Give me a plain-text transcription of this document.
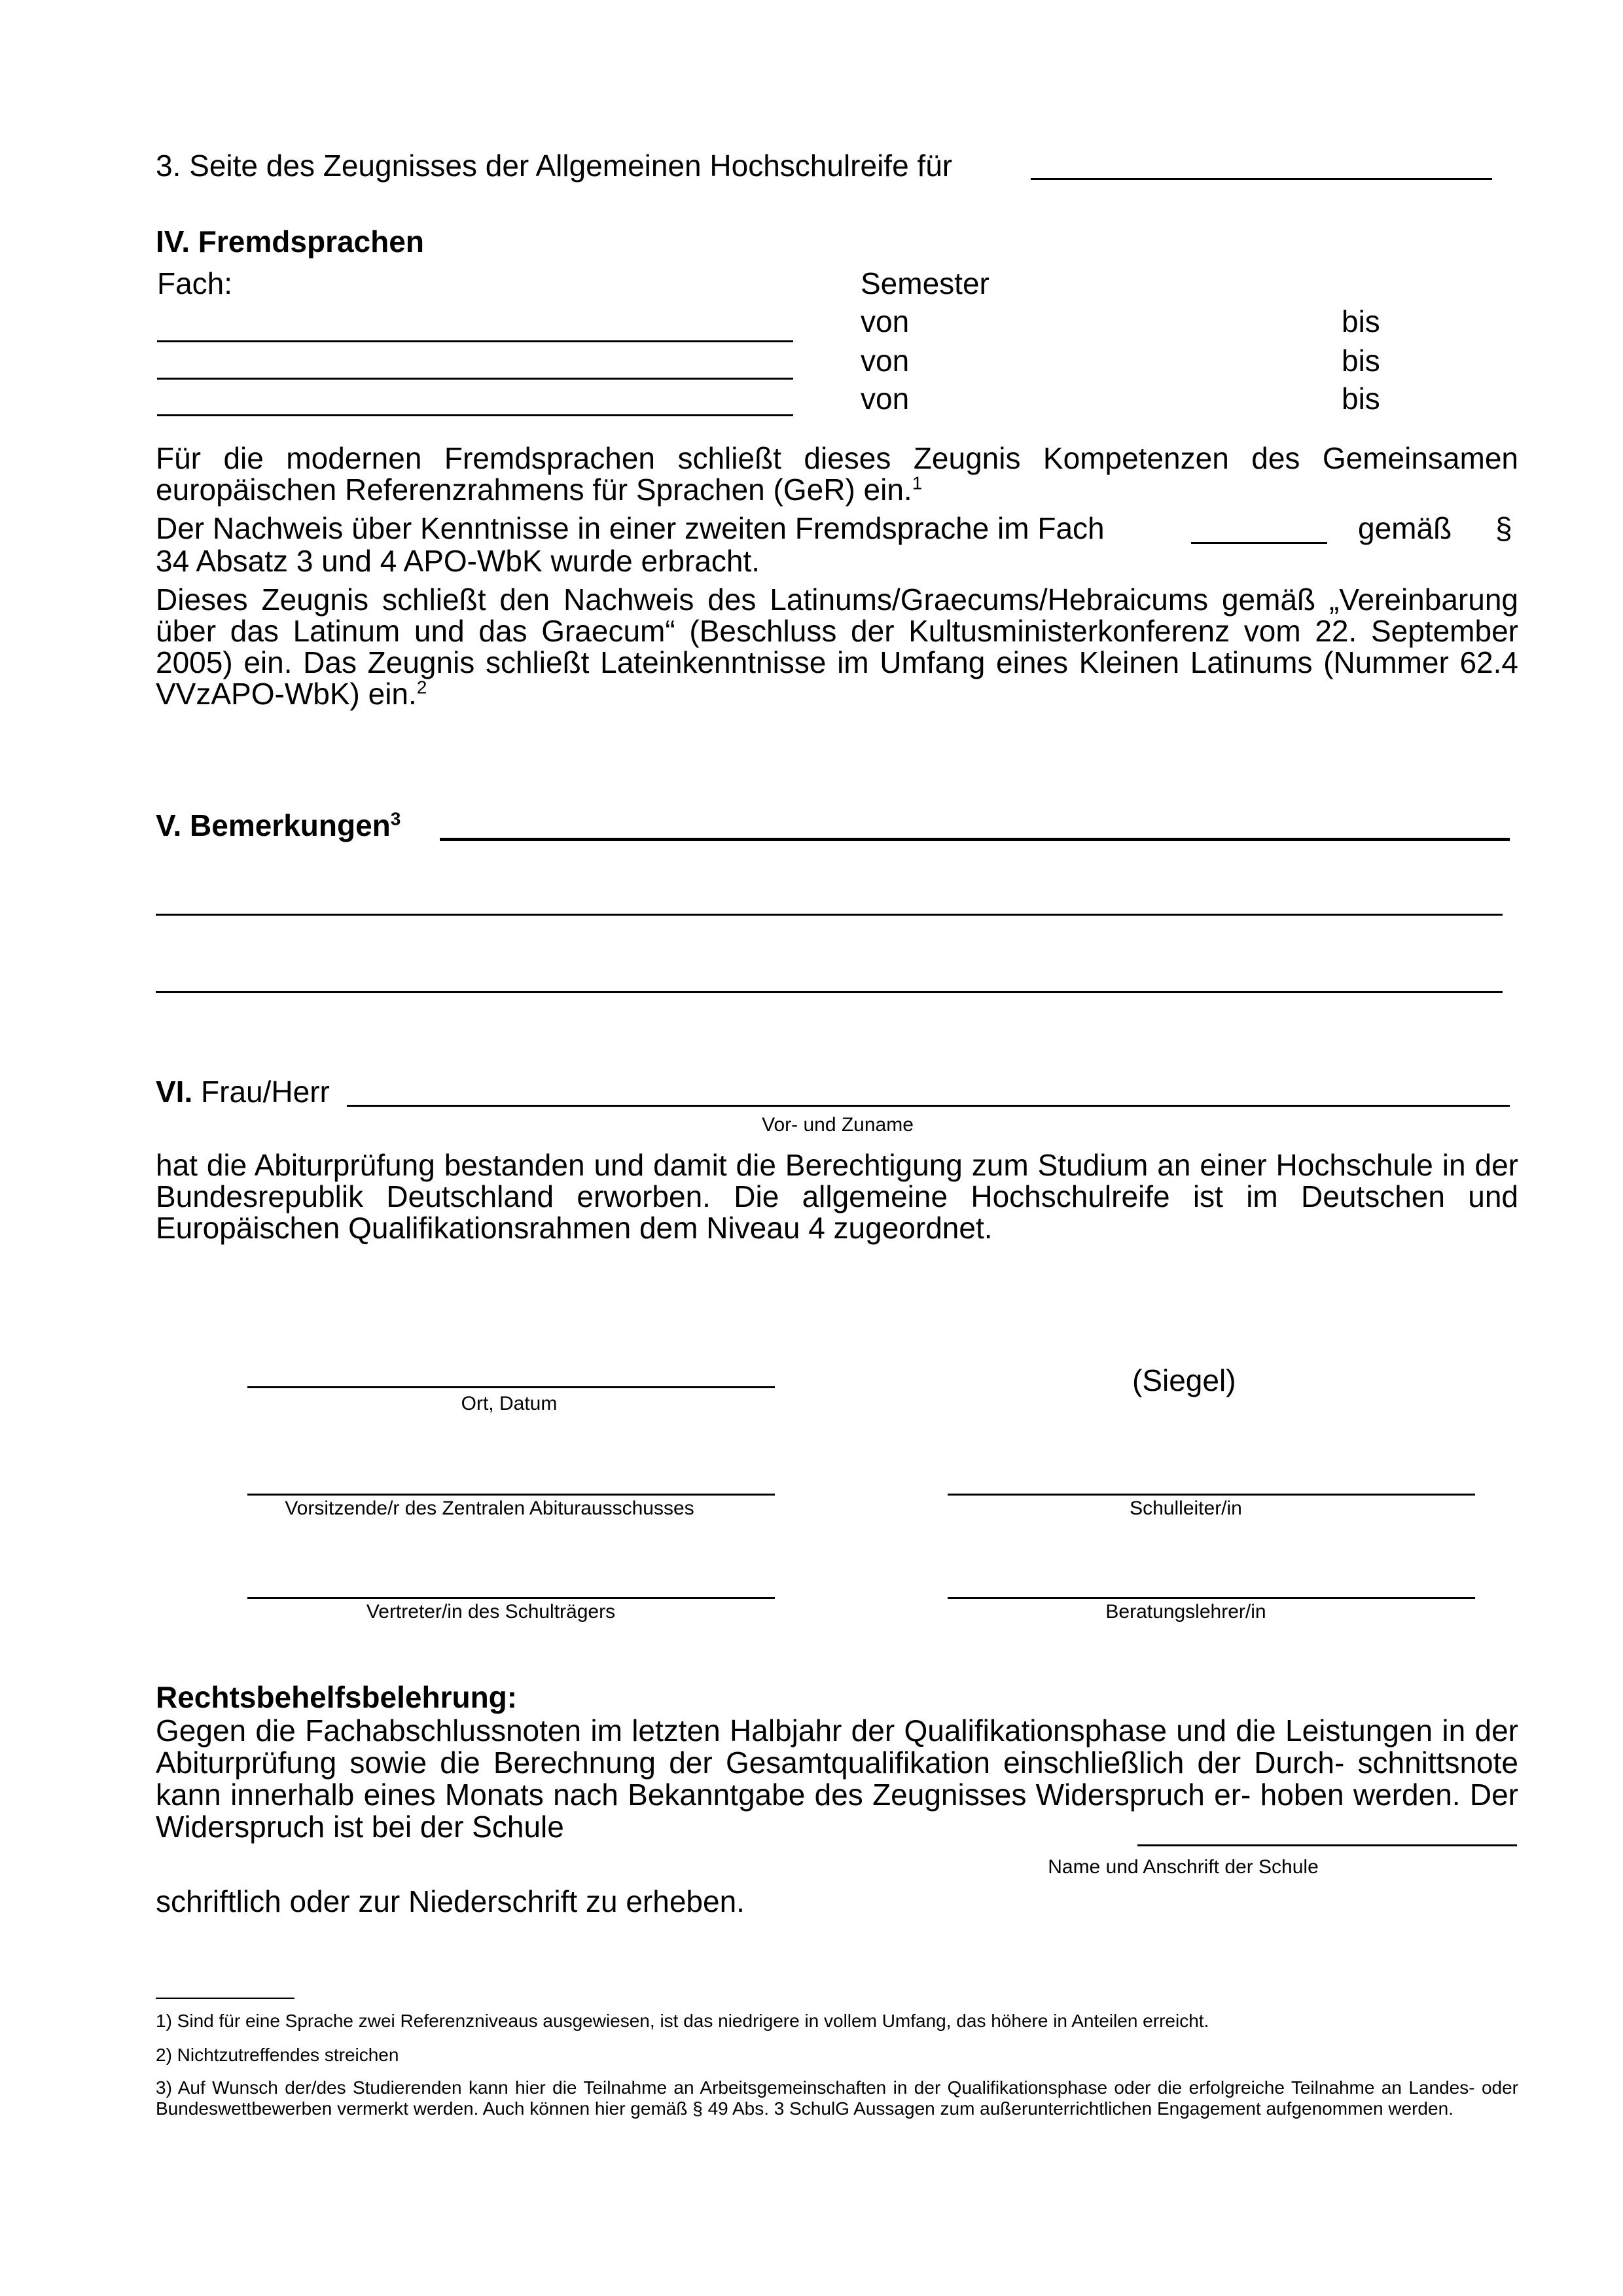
3. Seite des Zeugnisses der Allgemeinen Hochschulreife für
IV. Fremdsprachen
Fach:	Semester
von	bis
von	bis
von	bis
Für die modernen Fremdsprachen schließt dieses Zeugnis Kompetenzen des Gemeinsamen europäischen Referenzrahmens für Sprachen (GeR) ein.$^1$
Der Nachweis über Kenntnisse in einer zweiten Fremdsprache im Fach	gemäß §
34 Absatz 3 und 4 APO-WbK wurde erbracht.
Dieses Zeugnis schließt den Nachweis des Latinums/Graecums/Hebraicums gemäß „Vereinbarung über das Latinum und das Graecum“ (Beschluss der Kultusministerkonferenz vom 22. September 2005) ein. Das Zeugnis schließt Lateinkenntnisse im Umfang eines Kleinen Latinums (Nummer 62.4 VVzAPO-WbK) ein.$^2$
V. Bemerkungen$^3$
VI. Frau/Herr
Vor- und Zuname
hat die Abiturprüfung bestanden und damit die Berechtigung zum Studium an einer Hochschule in der Bundesrepublik Deutschland erworben. Die allgemeine Hochschulreife ist im Deutschen und Europäischen Qualifikationsrahmen dem Niveau 4 zugeordnet.
Ort, Datum
(Siegel)
Vorsitzende/r des Zentralen Abiturausschusses	Schulleiter/in
Vertreter/in des Schulträgers	Beratungslehrer/in
Rechtsbehelfsbelehrung:
Gegen die Fachabschlussnoten im letzten Halbjahr der Qualifikationsphase und die Leistungen in der Abiturprüfung sowie die Berechnung der Gesamtqualifikation einschließlich der Durch- schnittsnote kann innerhalb eines Monats nach Bekanntgabe des Zeugnisses Widerspruch er- hoben werden. Der Widerspruch ist bei der Schule
Name und Anschrift der Schule
schriftlich oder zur Niederschrift zu erheben.
1) Sind für eine Sprache zwei Referenzniveaus ausgewiesen, ist das niedrigere in vollem Umfang, das höhere in Anteilen erreicht.
2) Nichtzutreffendes streichen
3) Auf Wunsch der/des Studierenden kann hier die Teilnahme an Arbeitsgemeinschaften in der Qualifikationsphase oder die erfolgreiche Teilnahme an Landes- oder Bundeswettbewerben vermerkt werden. Auch können hier gemäß § 49 Abs. 3 SchulG Aussagen zum außerunterrichtlichen Engagement aufgenommen werden.
